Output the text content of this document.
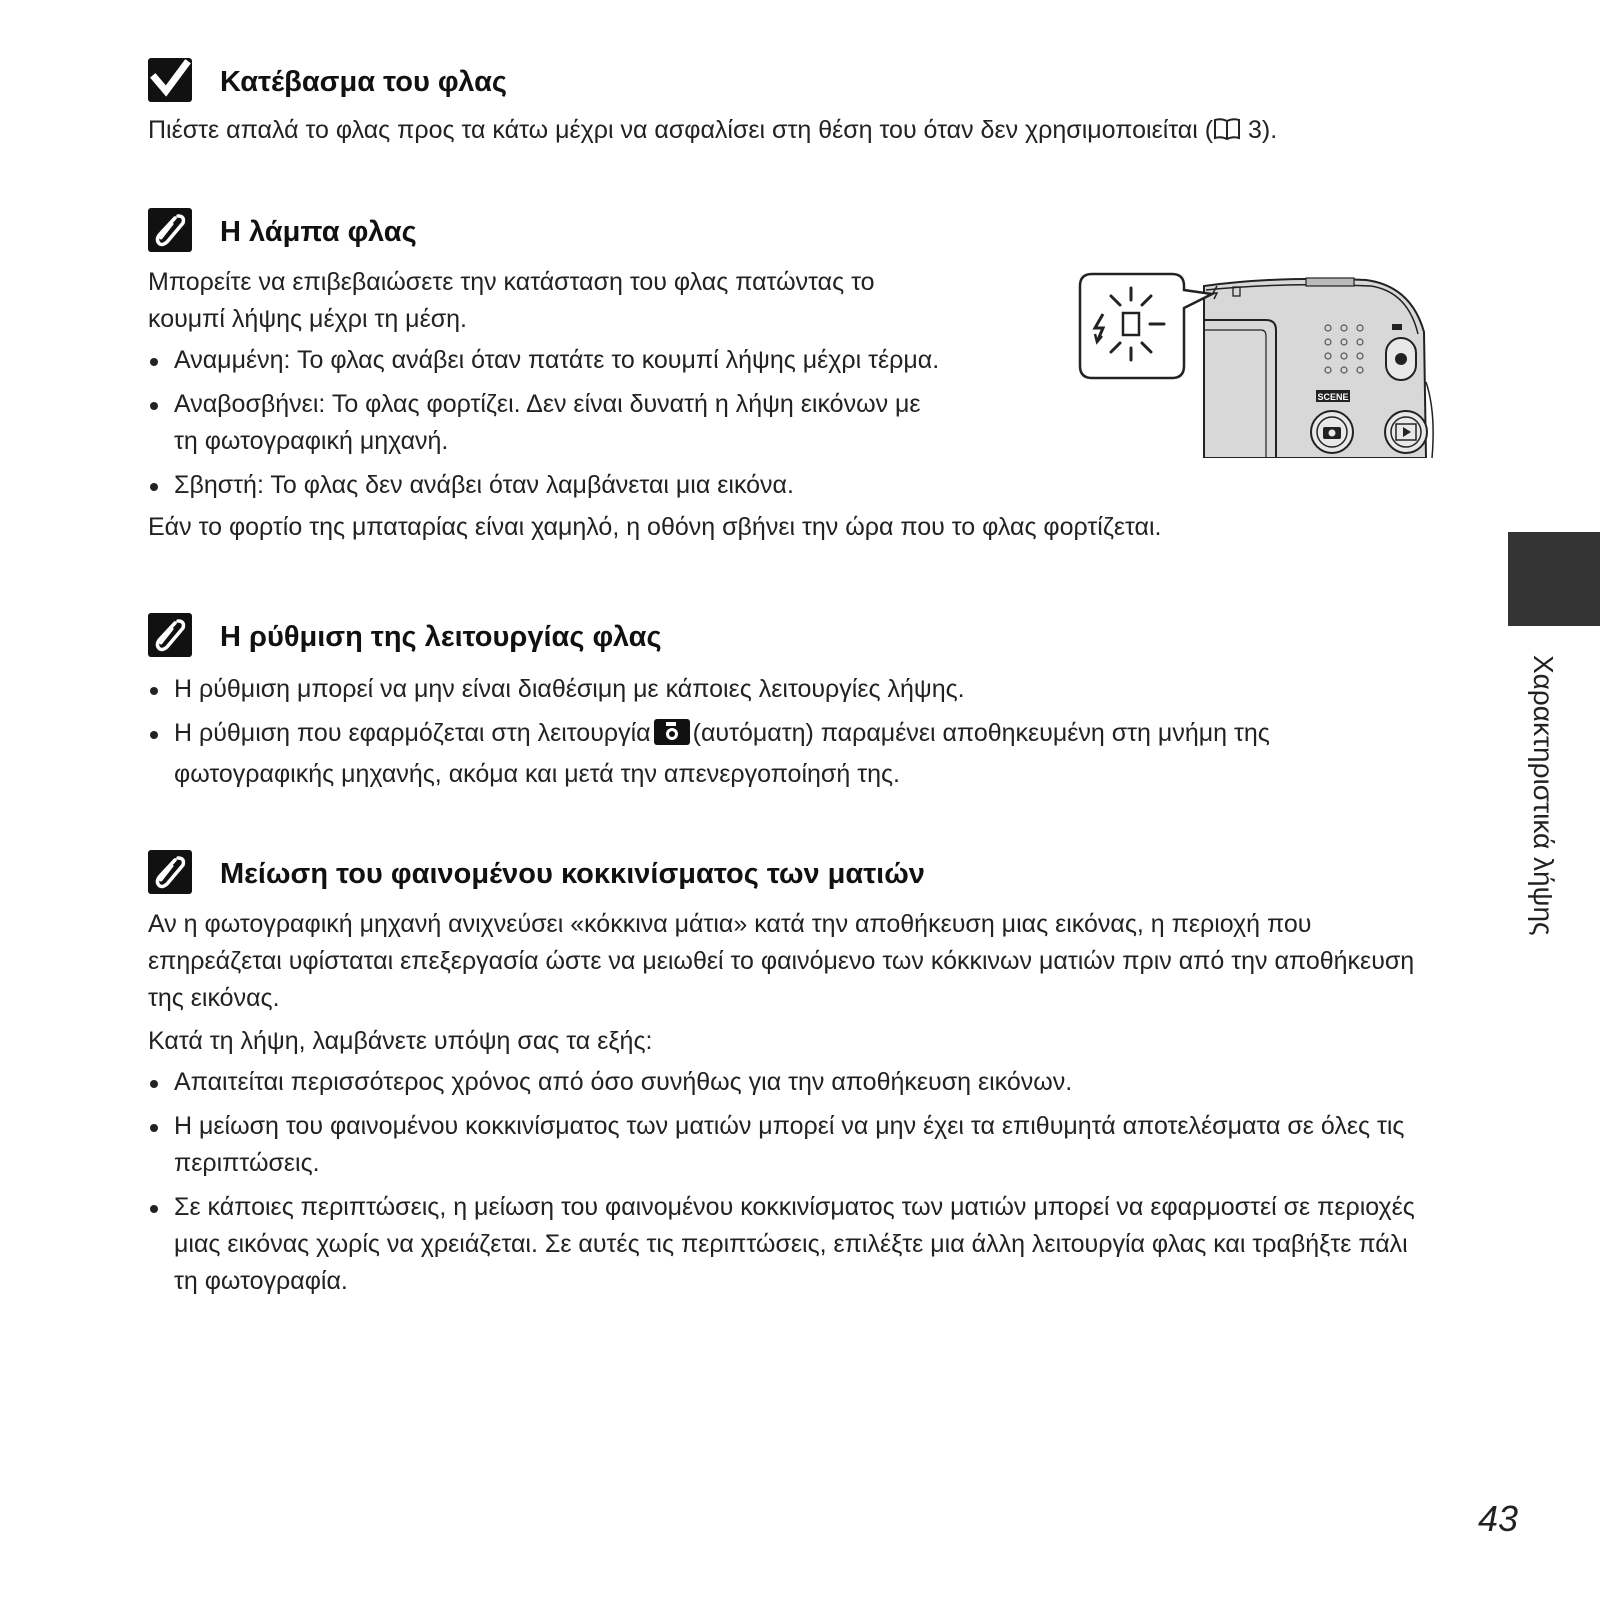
Κατέβασμα του φλας

Πιέστε απαλά το φλας προς τα κάτω μέχρι να ασφαλίσει στη θέση του όταν δεν χρησιμοποιείται ( 3).

Η λάμπα φλας

Μπορείτε να επιβεβαιώσετε την κατάσταση του φλας πατώντας το
κουμπί λήψης μέχρι τη μέση.

Αναμμένη: Το φλας ανάβει όταν πατάτε το κουμπί λήψης μέχρι τέρμα.
Αναβοσβήνει: Το φλας φορτίζει. Δεν είναι δυνατή η λήψη εικόνων με
τη φωτογραφική μηχανή.
Σβηστή: Το φλας δεν ανάβει όταν λαμβάνεται μια εικόνα.

Εάν το φορτίο της μπαταρίας είναι χαμηλό, η οθόνη σβήνει την ώρα που το φλας φορτίζεται.

SCENE
Η ρύθμιση της λειτουργίας φλας
Η ρύθμιση μπορεί να μην είναι διαθέσιμη με κάποιες λειτουργίες λήψης.
Η ρύθμιση που εφαρμόζεται στη λειτουργία (αυτόματη) παραμένει αποθηκευμένη στη μνήμη της
φωτογραφικής μηχανής, ακόμα και μετά την απενεργοποίησή της.
Μείωση του φαινομένου κοκκινίσματος των ματιών

Αν η φωτογραφική μηχανή ανιχνεύσει «κόκκινα μάτια» κατά την αποθήκευση μιας εικόνας, η περιοχή που επηρεάζεται υφίσταται επεξεργασία ώστε να μειωθεί το φαινόμενο των κόκκινων ματιών πριν από την αποθήκευση της εικόνας.

Κατά τη λήψη, λαμβάνετε υπόψη σας τα εξής:

Απαιτείται περισσότερος χρόνος από όσο συνήθως για την αποθήκευση εικόνων.
Η μείωση του φαινομένου κοκκινίσματος των ματιών μπορεί να μην έχει τα επιθυμητά αποτελέσματα σε όλες τις περιπτώσεις.
Σε κάποιες περιπτώσεις, η μείωση του φαινομένου κοκκινίσματος των ματιών μπορεί να εφαρμοστεί σε περιοχές μιας εικόνας χωρίς να χρειάζεται. Σε αυτές τις περιπτώσεις, επιλέξτε μια άλλη λειτουργία φλας και τραβήξτε πάλι τη φωτογραφία.
Χαρακτηριστικά λήψης
43
